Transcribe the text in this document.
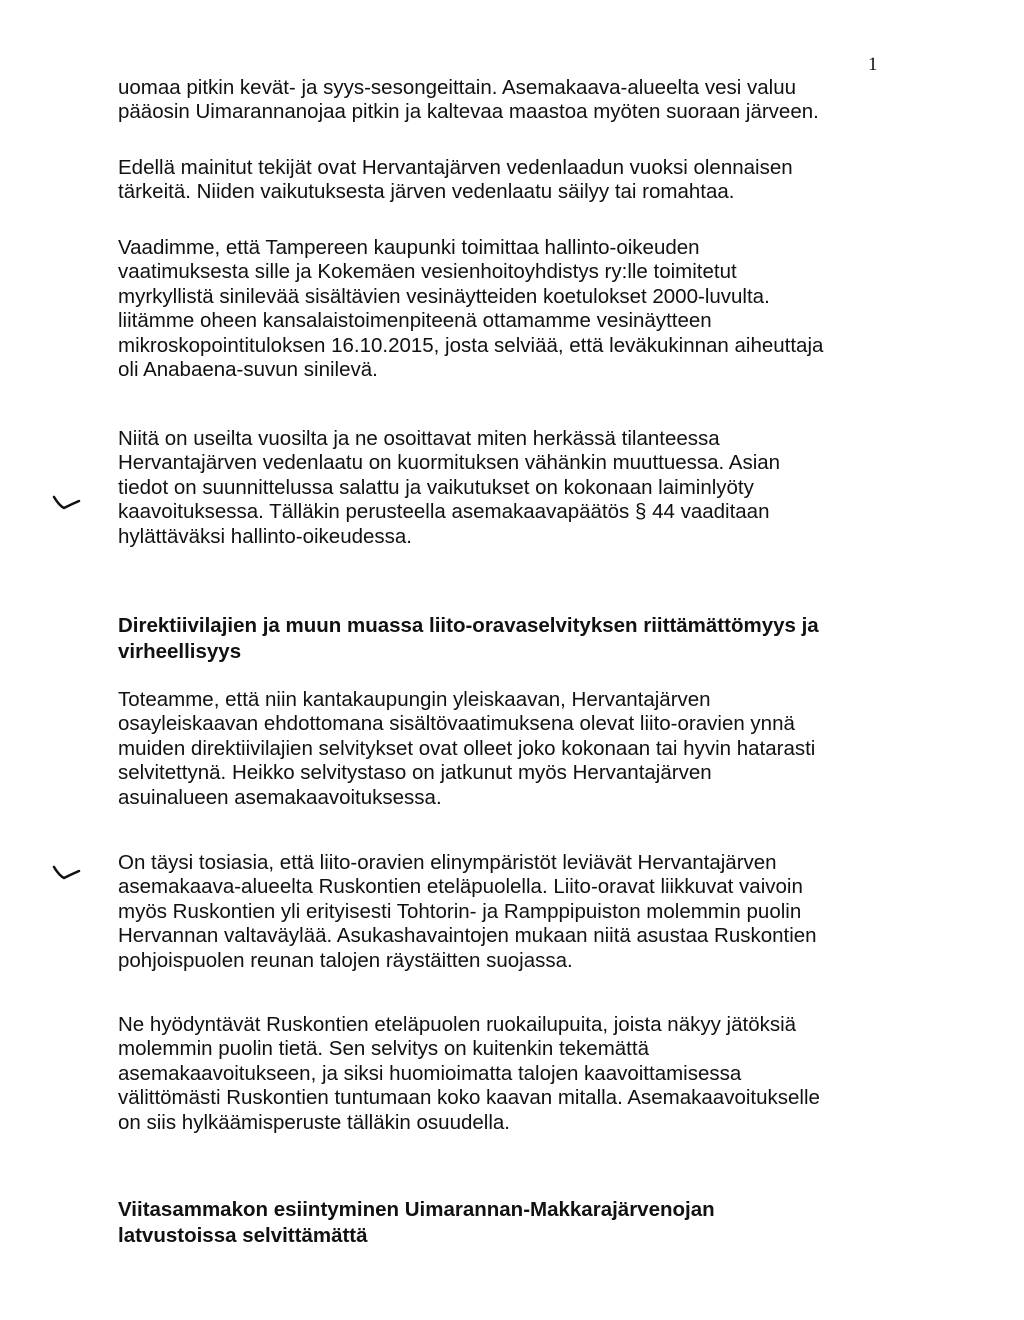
1

uomaa pitkin kevät- ja syys-sesongeittain. Asemakaava-alueelta vesi valuu
pääosin Uimarannanojaa pitkin ja kaltevaa maastoa myöten suoraan järveen.

Edellä mainitut tekijät ovat Hervantajärven vedenlaadun vuoksi olennaisen
tärkeitä. Niiden vaikutuksesta järven vedenlaatu säilyy tai romahtaa.

Vaadimme, että Tampereen kaupunki toimittaa hallinto-oikeuden
vaatimuksesta sille ja Kokemäen vesienhoitoyhdistys ry:lle toimitetut
myrkyllistä sinilevää sisältävien vesinäytteiden koetulokset 2000-luvulta.
liitämme oheen kansalaistoimenpiteenä ottamamme vesinäytteen
mikroskopointituloksen 16.10.2015, josta selviää, että leväkukinnan aiheuttaja
oli Anabaena-suvun sinilevä.

Niitä on useilta vuosilta ja ne osoittavat miten herkässä tilanteessa
Hervantajärven vedenlaatu on kuormituksen vähänkin muuttuessa. Asian
tiedot on suunnittelussa salattu ja vaikutukset on kokonaan laiminlyöty
kaavoituksessa. Tälläkin perusteella asemakaavapäätös § 44 vaaditaan
hylättäväksi hallinto-oikeudessa.

Direktiivilajien ja muun muassa liito-oravaselvityksen riittämättömyys ja
virheellisyys

Toteamme, että niin kantakaupungin yleiskaavan, Hervantajärven
osayleiskaavan ehdottomana sisältövaatimuksena olevat liito-oravien ynnä
muiden direktiivilajien selvitykset ovat olleet joko kokonaan tai hyvin hatarasti
selvitettynä. Heikko selvitystaso on jatkunut myös Hervantajärven
asuinalueen asemakaavoituksessa.

On täysi tosiasia, että liito-oravien elinympäristöt leviävät Hervantajärven
asemakaava-alueelta Ruskontien eteläpuolella. Liito-oravat liikkuvat vaivoin
myös Ruskontien yli erityisesti Tohtorin- ja Ramppipuiston molemmin puolin
Hervannan valtaväylää. Asukashavaintojen mukaan niitä asustaa Ruskontien
pohjoispuolen reunan talojen räystäitten suojassa.

Ne hyödyntävät Ruskontien eteläpuolen ruokailupuita, joista näkyy jätöksiä
molemmin puolin tietä. Sen selvitys on kuitenkin tekemättä
asemakaavoitukseen, ja siksi huomioimatta talojen kaavoittamisessa
välittömästi Ruskontien tuntumaan koko kaavan mitalla. Asemakaavoitukselle
on siis hylkäämisperuste tälläkin osuudella.

Viitasammakon esiintyminen Uimarannan-Makkarajärvenojan
latvustoissa selvittämättä
